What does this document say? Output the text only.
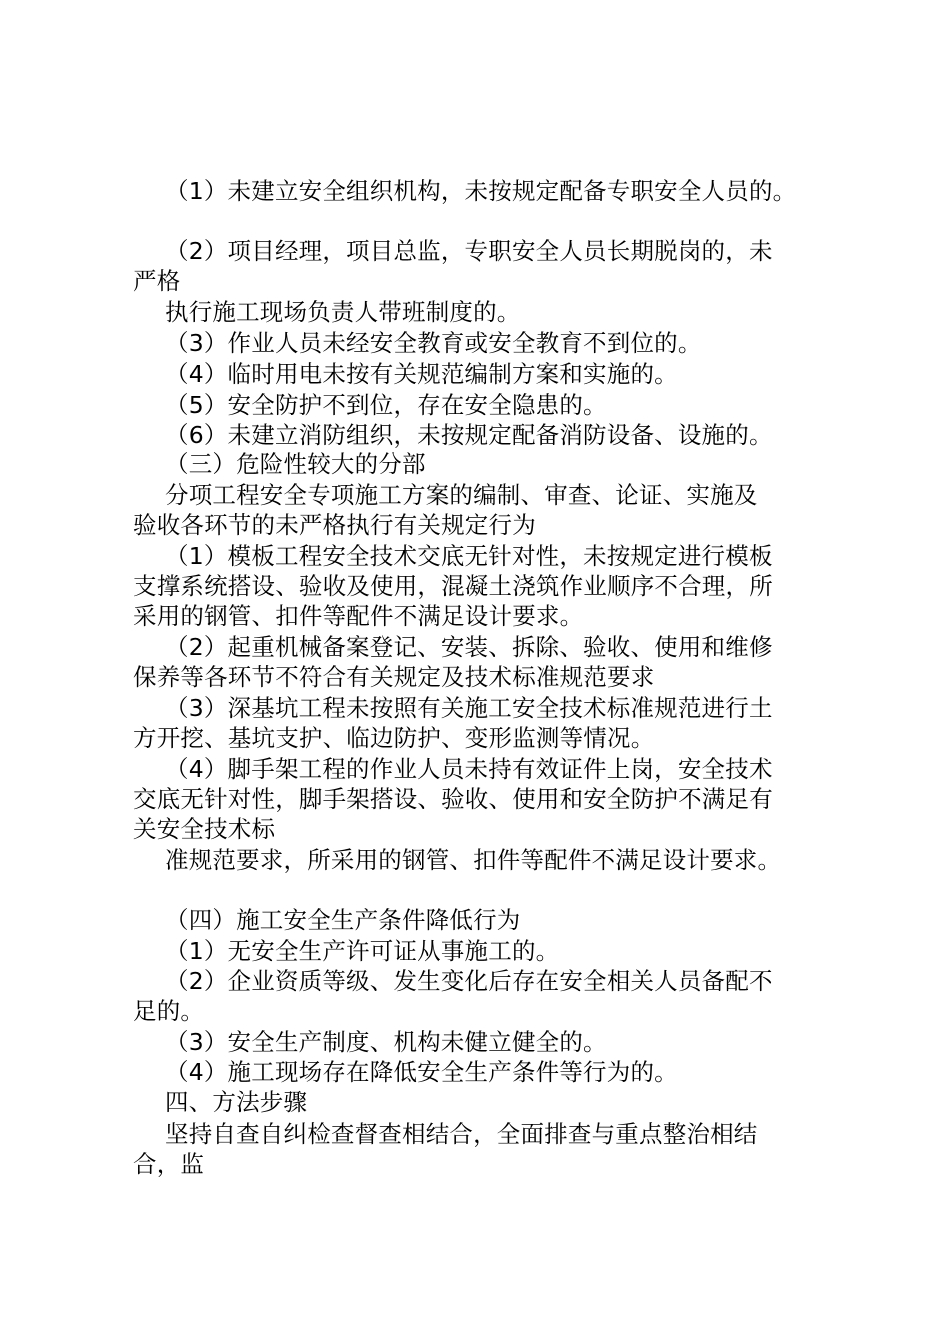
（1）未建立安全组织机构，未按规定配备专职安全人员的。
（2）项目经理，项目总监，专职安全人员长期脱岗的，未
严格
执行施工现场负责人带班制度的。
（3）作业人员未经安全教育或安全教育不到位的。
（4）临时用电未按有关规范编制方案和实施的。
（5）安全防护不到位，存在安全隐患的。
（6）未建立消防组织，未按规定配备消防设备、设施的。
（三）危险性较大的分部
分项工程安全专项施工方案的编制、审查、论证、实施及
验收各环节的未严格执行有关规定行为
（1）模板工程安全技术交底无针对性，未按规定进行模板
支撑系统搭设、验收及使用，混凝土浇筑作业顺序不合理，所
采用的钢管、扣件等配件不满足设计要求。
（2）起重机械备案登记、安装、拆除、验收、使用和维修
保养等各环节不符合有关规定及技术标准规范要求
（3）深基坑工程未按照有关施工安全技术标准规范进行土
方开挖、基坑支护、临边防护、变形监测等情况。
（4）脚手架工程的作业人员未持有效证件上岗，安全技术
交底无针对性，脚手架搭设、验收、使用和安全防护不满足有
关安全技术标
准规范要求，所采用的钢管、扣件等配件不满足设计要求。
（四）施工安全生产条件降低行为
（1）无安全生产许可证从事施工的。
（2）企业资质等级、发生变化后存在安全相关人员备配不
足的。
（3）安全生产制度、机构未健立健全的。
（4）施工现场存在降低安全生产条件等行为的。
四、方法步骤
坚持自查自纠检查督查相结合，全面排查与重点整治相结
合，监
